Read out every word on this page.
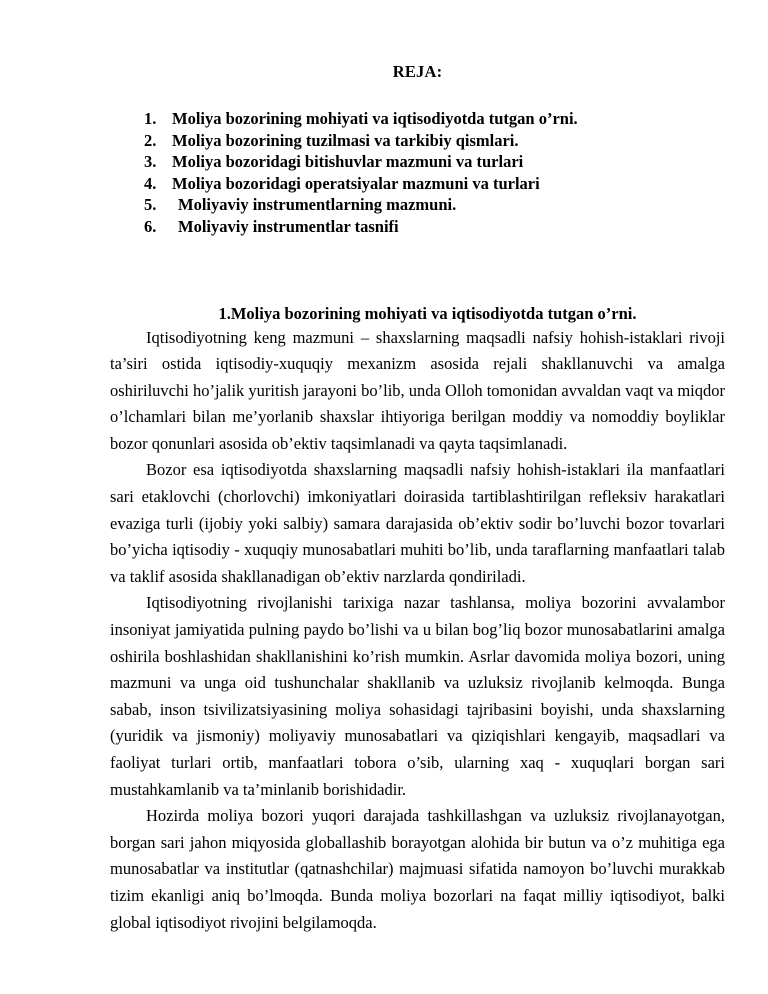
REJA:
1. Moliya bozorining mohiyati va iqtisodiyotda tutgan o’rni.
2. Moliya bozorining tuzilmasi va tarkibiy qismlari.
3. Moliya bozoridagi bitishuvlar mazmuni va turlari
4. Moliya bozoridagi operatsiyalar mazmuni va turlari
5. Moliyaviy instrumentlarning mazmuni.
6. Moliyaviy instrumentlar tasnifi
1.Moliya bozorining mohiyati va iqtisodiyotda tutgan o’rni.

Iqtisodiyotning keng mazmuni – shaxslarning maqsadli nafsiy hohish-istaklari rivoji ta’siri ostida iqtisodiy-xuquqiy mexanizm asosida rejali shakllanuvchi va amalga oshiriluvchi ho’jalik yuritish jarayoni bo’lib, unda Olloh tomonidan avvaldan vaqt va miqdor o’lchamlari bilan me’yorlanib shaxslar ihtiyoriga berilgan moddiy va nomoddiy boyliklar bozor qonunlari asosida ob’ektiv taqsimlanadi va qayta taqsimlanadi.

Bozor esa iqtisodiyotda shaxslarning maqsadli nafsiy hohish-istaklari ila manfaatlari sari etaklovchi (chorlovchi) imkoniyatlari doirasida tartiblashtirilgan refleksiv harakatlari evaziga turli (ijobiy yoki salbiy) samara darajasida ob’ektiv sodir bo’luvchi bozor tovarlari bo’yicha iqtisodiy - xuquqiy munosabatlari muhiti bo’lib, unda taraflarning manfaatlari talab va taklif asosida shakllanadigan ob’ektiv narzlarda qondiriladi.

Iqtisodiyotning rivojlanishi tarixiga nazar tashlansa, moliya bozorini avvalambor insoniyat jamiyatida pulning paydo bo’lishi va u bilan bog’liq bozor munosabatlarini amalga oshirila boshlashidan shakllanishini ko’rish mumkin. Asrlar davomida moliya bozori, uning mazmuni va unga oid tushunchalar shakllanib va uzluksiz rivojlanib kelmoqda. Bunga sabab, inson tsivilizatsiyasining moliya sohasidagi tajribasini boyishi, unda shaxslarning (yuridik va jismoniy) moliyaviy munosabatlari va qiziqishlari kengayib, maqsadlari va faoliyat turlari ortib, manfaatlari tobora o’sib, ularning xaq - xuquqlari borgan sari mustahkamlanib va ta’minlanib borishidadir.

Hozirda moliya bozori yuqori darajada tashkillashgan va uzluksiz rivojlanayotgan, borgan sari jahon miqyosida globallashib borayotgan alohida bir butun va o’z muhitiga ega munosabatlar va institutlar (qatnashchilar) majmuasi sifatida namoyon bo’luvchi murakkab tizim ekanligi aniq bo’lmoqda. Bunda moliya bozorlari na faqat milliy iqtisodiyot, balki global iqtisodiyot rivojini belgilamoqda.
